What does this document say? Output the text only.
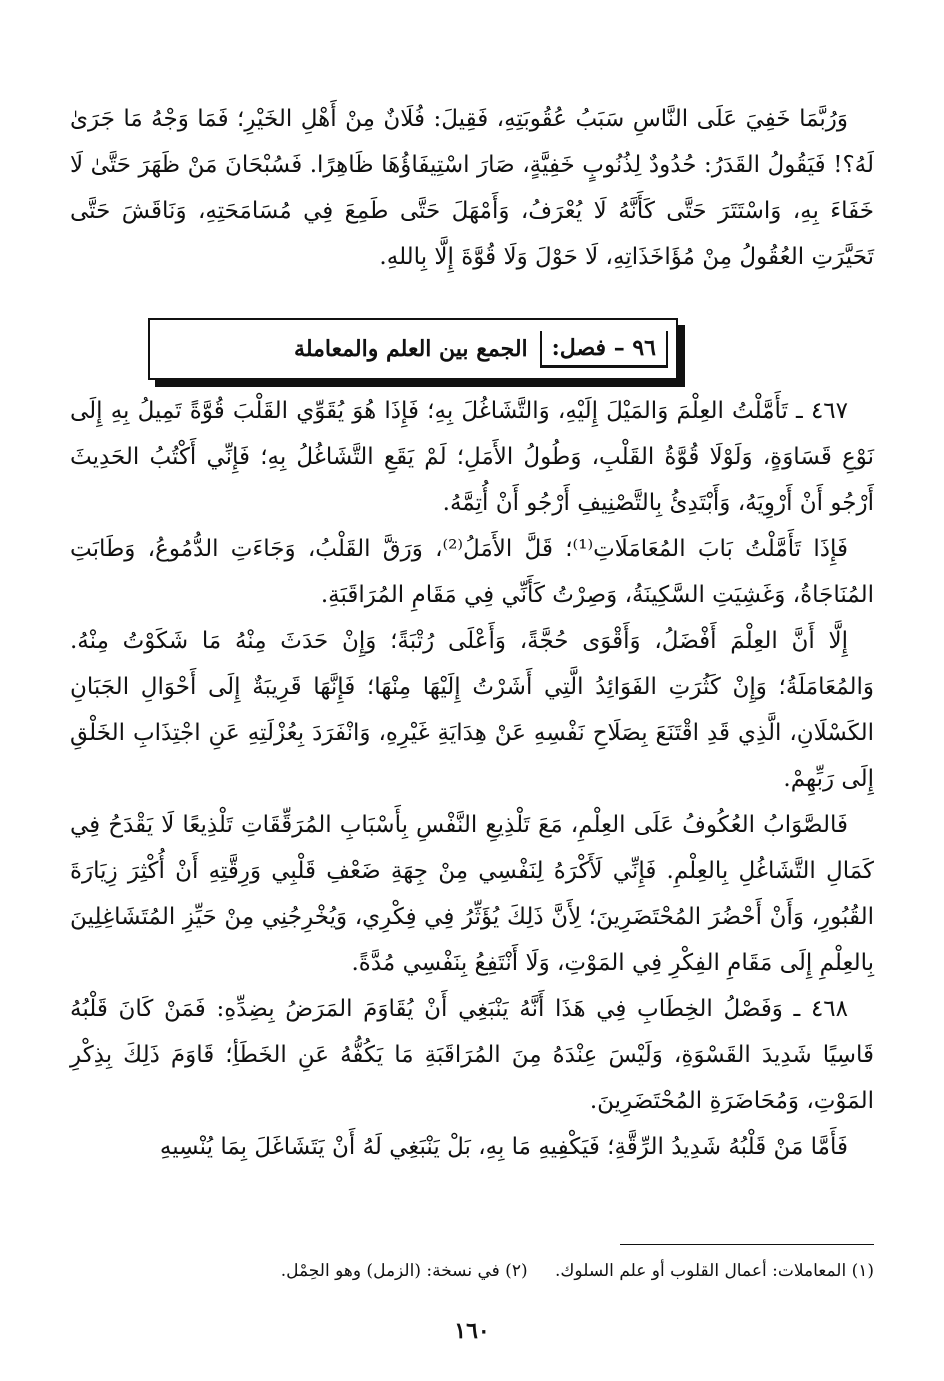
وَرُبَّمَا خَفِيَ عَلَى النَّاسِ سَبَبُ عُقُوبَتِهِ، فَقِيلَ: فُلَانٌ مِنْ أَهْلِ الخَيْرِ؛ فَمَا وَجْهُ مَا جَرَىٰ لَهُ؟! فَيَقُولُ القَدَرُ: حُدُودٌ لِذُنُوبٍ خَفِيَّةٍ، صَارَ اسْتِيفَاؤُهَا ظَاهِرًا. فَسُبْحَانَ مَنْ ظَهَرَ حَتَّىٰ لَا خَفَاءَ بِهِ، وَاسْتَتَرَ حَتَّى كَأَنَّهُ لَا يُعْرَفُ، وَأَمْهَلَ حَتَّى طَمِعَ فِي مُسَامَحَتِهِ، وَنَاقَشَ حَتَّى تَحَيَّرَتِ العُقُولُ مِنْ مُؤَاخَذَاتِهِ، لَا حَوْلَ وَلَا قُوَّةَ إِلَّا بِاللهِ.

٩٦ – فصل:
الجمع بين العلم والمعاملة

٤٦٧ ـ تَأَمَّلْتُ العِلْمَ وَالمَيْلَ إِلَيْهِ، وَالتَّشَاغُلَ بِهِ؛ فَإِذَا هُوَ يُقَوِّي القَلْبَ قُوَّةً تَمِيلُ بِهِ إِلَى نَوْعِ قَسَاوَةٍ، وَلَوْلَا قُوَّةُ القَلْبِ، وَطُولُ الأَمَلِ؛ لَمْ يَقَعِ التَّشَاغُلُ بِهِ؛ فَإِنِّي أَكْتُبُ الحَدِيثَ أَرْجُو أَنْ أَرْوِيَهُ، وَأَبْتَدِئُ بِالتَّصْنِيفِ أَرْجُو أَنْ أُتِمَّهُ.

فَإِذَا تَأَمَّلْتُ بَابَ المُعَامَلَاتِ⁽¹⁾؛ قَلَّ الأَمَلُ⁽²⁾، وَرَقَّ القَلْبُ، وَجَاءَتِ الدُّمُوعُ، وَطَابَتِ المُنَاجَاةُ، وَغَشِيَتِ السَّكِينَةُ، وَصِرْتُ كَأَنِّي فِي مَقَامِ المُرَاقَبَةِ.

إِلَّا أَنَّ العِلْمَ أَفْضَلُ، وَأَقْوَى حُجَّةً، وَأَعْلَى رُتْبَةً؛ وَإِنْ حَدَثَ مِنْهُ مَا شَكَوْتُ مِنْهُ. وَالمُعَامَلَةُ؛ وَإِنْ كَثُرَتِ الفَوَائِدُ الَّتِي أَشَرْتُ إِلَيْهَا مِنْهَا؛ فَإِنَّهَا قَرِيبَةٌ إِلَى أَحْوَالِ الجَبَانِ الكَسْلَانِ، الَّذِي قَدِ اقْتَنَعَ بِصَلَاحِ نَفْسِهِ عَنْ هِدَايَةِ غَيْرِهِ، وَانْفَرَدَ بِعُزْلَتِهِ عَنِ اجْتِذَابِ الخَلْقِ إِلَى رَبِّهِمْ.

فَالصَّوَابُ العُكُوفُ عَلَى العِلْمِ، مَعَ تَلْذِيعِ النَّفْسِ بِأَسْبَابِ المُرَقِّقَاتِ تَلْذِيعًا لَا يَقْدَحُ فِي كَمَالِ التَّشَاغُلِ بِالعِلْمِ. فَإِنِّي لَأَكْرَهُ لِنَفْسِي مِنْ جِهَةِ ضَعْفِ قَلْبِي وَرِقَّتِهِ أَنْ أُكْثِرَ زِيَارَةَ القُبُورِ، وَأَنْ أَحْضُرَ المُحْتَضَرِينَ؛ لِأَنَّ ذَلِكَ يُؤَثِّرُ فِي فِكْرِي، وَيُخْرِجُنِي مِنْ حَيِّزِ المُتَشَاغِلِينَ بِالعِلْمِ إِلَى مَقَامِ الفِكْرِ فِي المَوْتِ، وَلَا أَنْتَفِعُ بِنَفْسِي مُدَّةً.

٤٦٨ ـ وَفَصْلُ الخِطَابِ فِي هَذَا أَنَّهُ يَنْبَغِي أَنْ يُقَاوَمَ المَرَضُ بِضِدِّهِ: فَمَنْ كَانَ قَلْبُهُ قَاسِيًا شَدِيدَ القَسْوَةِ، وَلَيْسَ عِنْدَهُ مِنَ المُرَاقَبَةِ مَا يَكُفُّهُ عَنِ الخَطَأِ؛ قَاوَمَ ذَلِكَ بِذِكْرِ المَوْتِ، وَمُحَاضَرَةِ المُحْتَضَرِينَ.

فَأَمَّا مَنْ قَلْبُهُ شَدِيدُ الرِّقَّةِ؛ فَيَكْفِيهِ مَا بِهِ، بَلْ يَنْبَغِي لَهُ أَنْ يَتَشَاغَلَ بِمَا يُنْسِيهِ

(١) المعاملات: أعمال القلوب أو علم السلوك. (٢) في نسخة: (الزمل) وهو الحِمْل.
١٦٠
